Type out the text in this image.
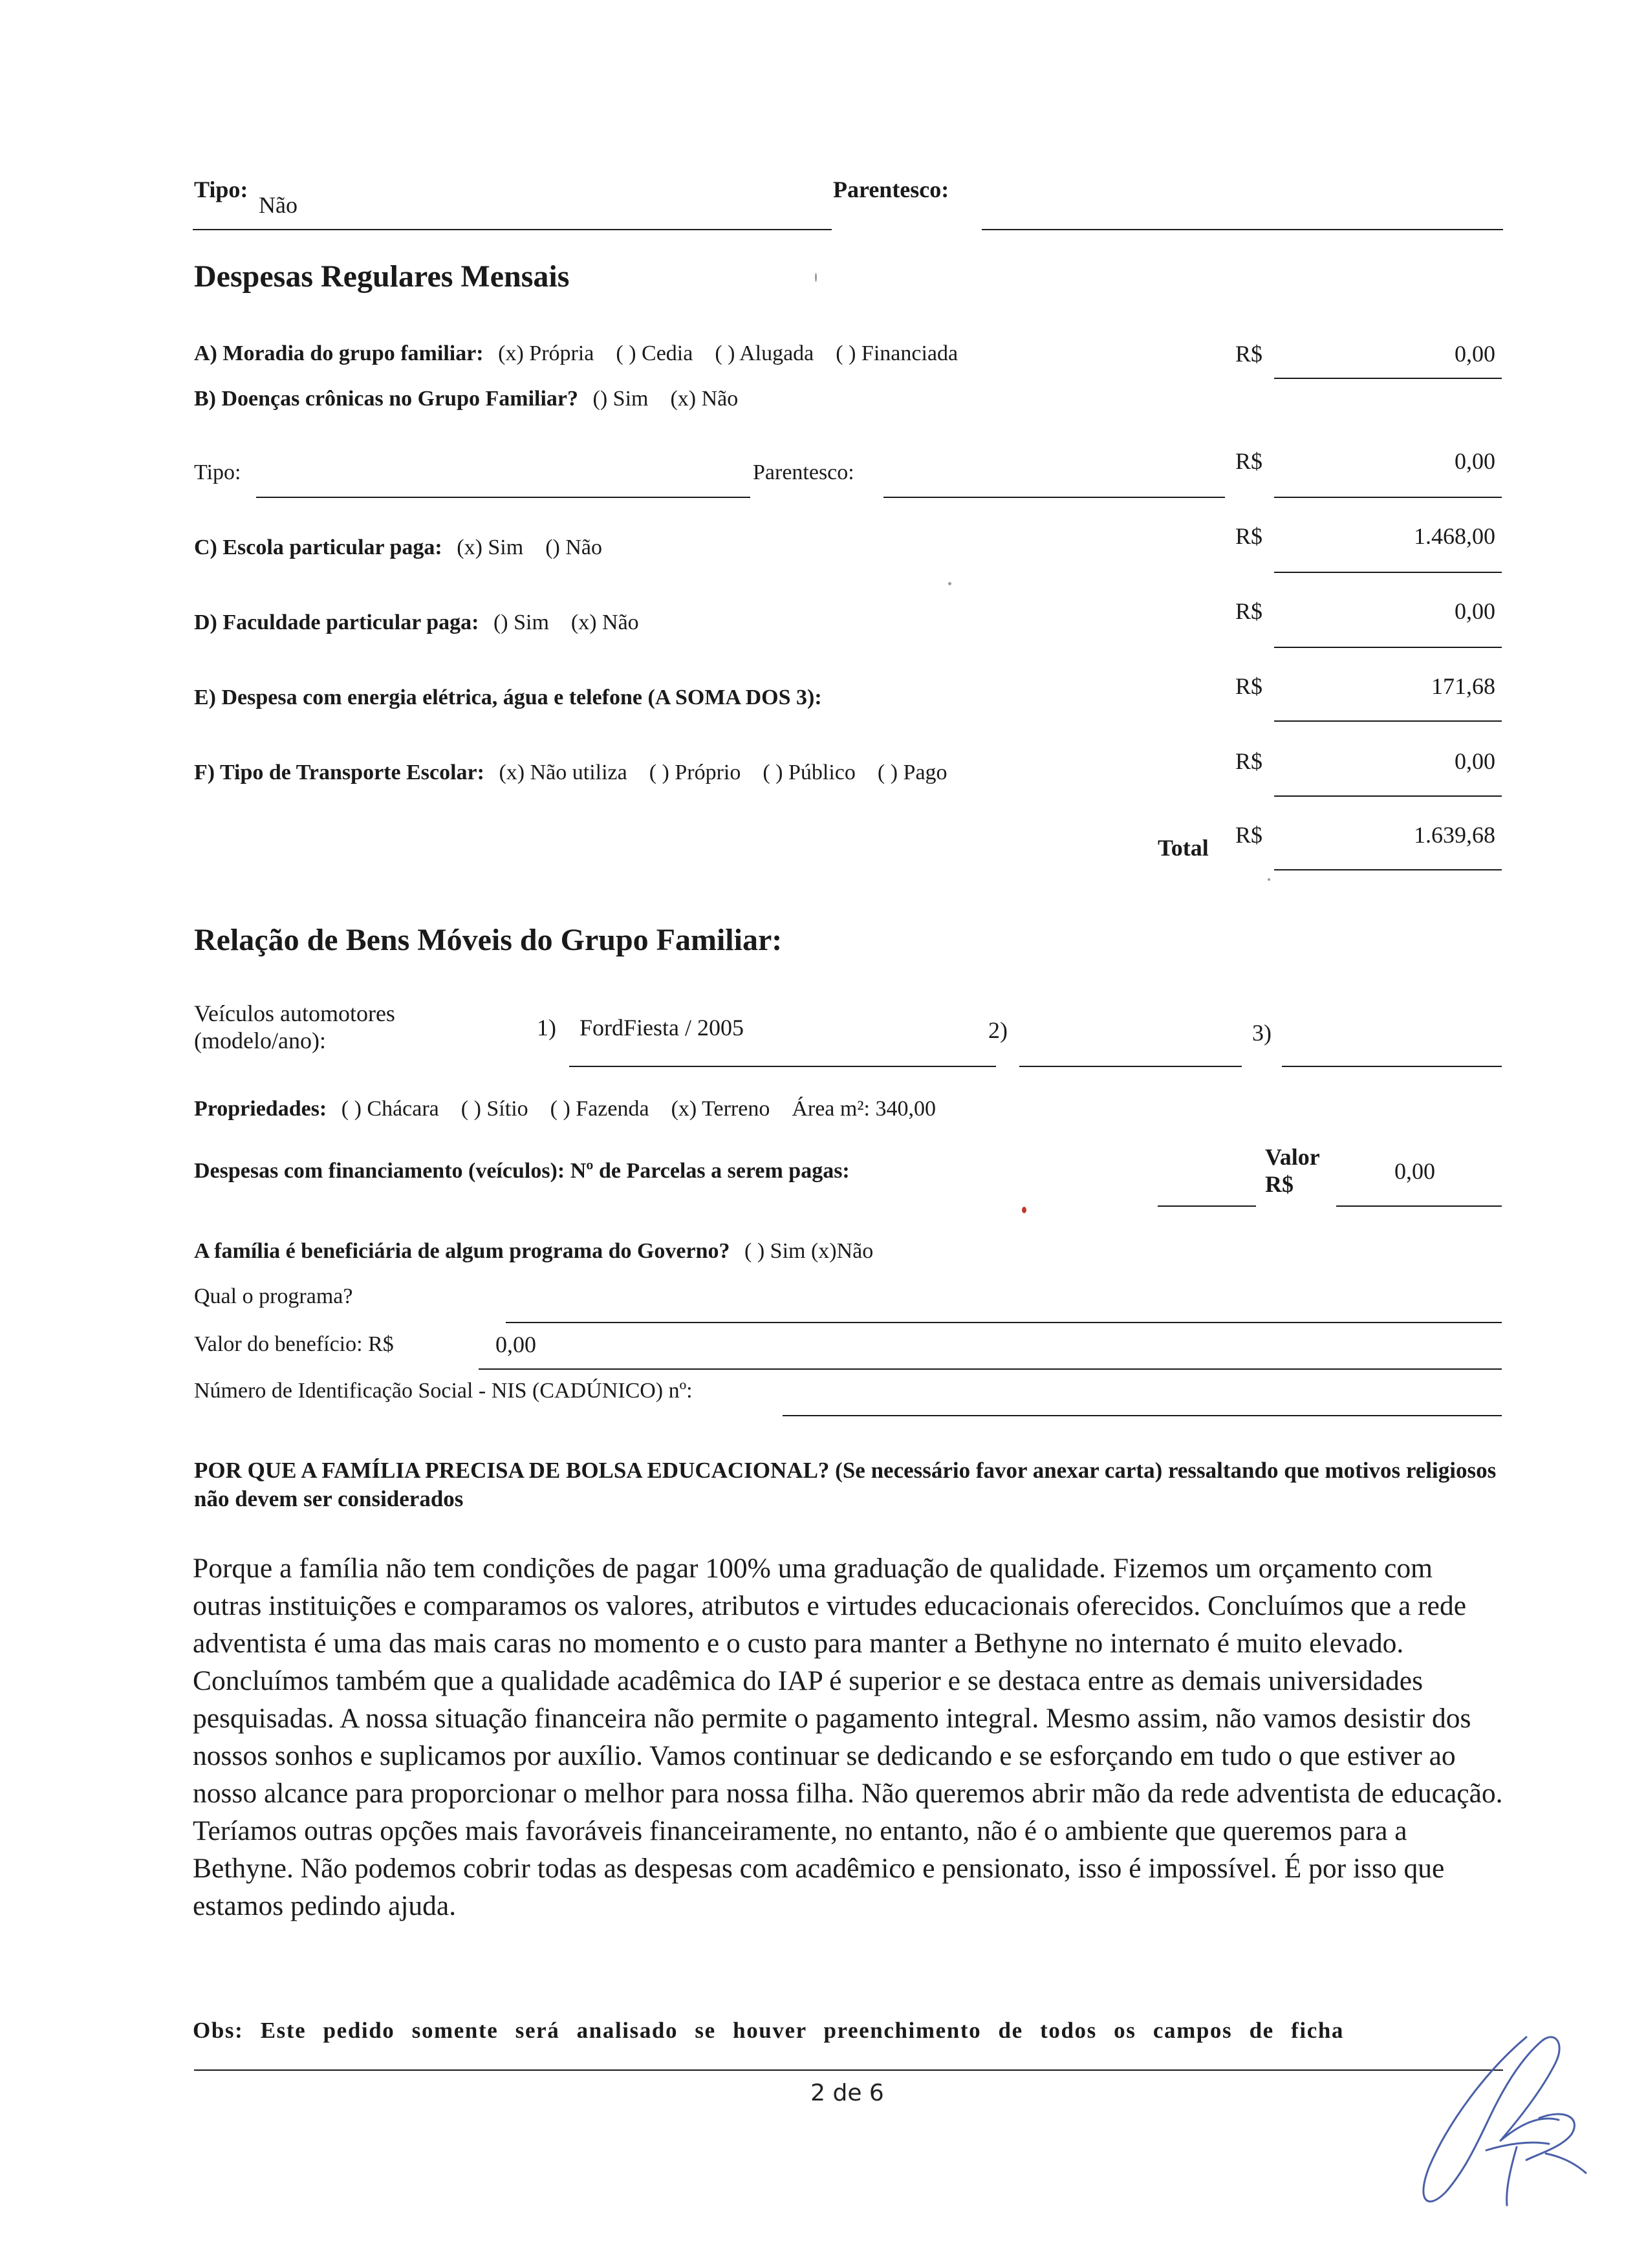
Tipo:
Não
Parentesco:
Despesas Regulares Mensais
A) Moradia do grupo familiar: (x) Própria    ( ) Cedia    ( ) Alugada    ( ) Financiada	R$	0,00
B) Doenças crônicas no Grupo Familiar? () Sim    (x) Não
Tipo:	Parentesco:	R$	0,00
C) Escola particular paga: (x) Sim    () Não	R$	1.468,00
D) Faculdade particular paga: () Sim    (x) Não	R$	0,00
E) Despesa com energia elétrica, água e telefone (A SOMA DOS 3):	R$	171,68
F) Tipo de Transporte Escolar: (x) Não utiliza    ( ) Próprio    ( ) Público    ( ) Pago	R$	0,00
Total R$	1.639,68
Relação de Bens Móveis do Grupo Familiar:
Veículos automotores
(modelo/ano):	1) FordFiesta / 2005	2)	3)
Propriedades: ( ) Chácara    ( ) Sítio    ( ) Fazenda    (x) Terreno    Área m²: 340,00
Despesas com financiamento (veículos): Nº de Parcelas a serem pagas:
Valor
R$	0,00
A família é beneficiária de algum programa do Governo? ( ) Sim (x)Não
Qual o programa?
Valor do benefício: R$	0,00
Número de Identificação Social - NIS (CADÚNICO) nº:
POR QUE A FAMÍLIA PRECISA DE BOLSA EDUCACIONAL? (Se necessário favor anexar carta) ressaltando que motivos religiosos não devem ser considerados
Porque a família não tem condições de pagar 100% uma graduação de qualidade. Fizemos um orçamento com outras instituições e comparamos os valores, atributos e virtudes educacionais oferecidos. Concluímos que a rede adventista é uma das mais caras no momento e o custo para manter a Bethyne no internato é muito elevado. Concluímos também que a qualidade acadêmica do IAP é superior e se destaca entre as demais universidades pesquisadas. A nossa situação financeira não permite o pagamento integral. Mesmo assim, não vamos desistir dos nossos sonhos e suplicamos por auxílio. Vamos continuar se dedicando e se esforçando em tudo o que estiver ao nosso alcance para proporcionar o melhor para nossa filha. Não queremos abrir mão da rede adventista de educação. Teríamos outras opções mais favoráveis financeiramente, no entanto, não é o ambiente que queremos para a Bethyne. Não podemos cobrir todas as despesas com acadêmico e pensionato, isso é impossível. É por isso que estamos pedindo ajuda.
Obs: Este pedido somente será analisado se houver preenchimento de todos os campos de ficha
2 de 6
